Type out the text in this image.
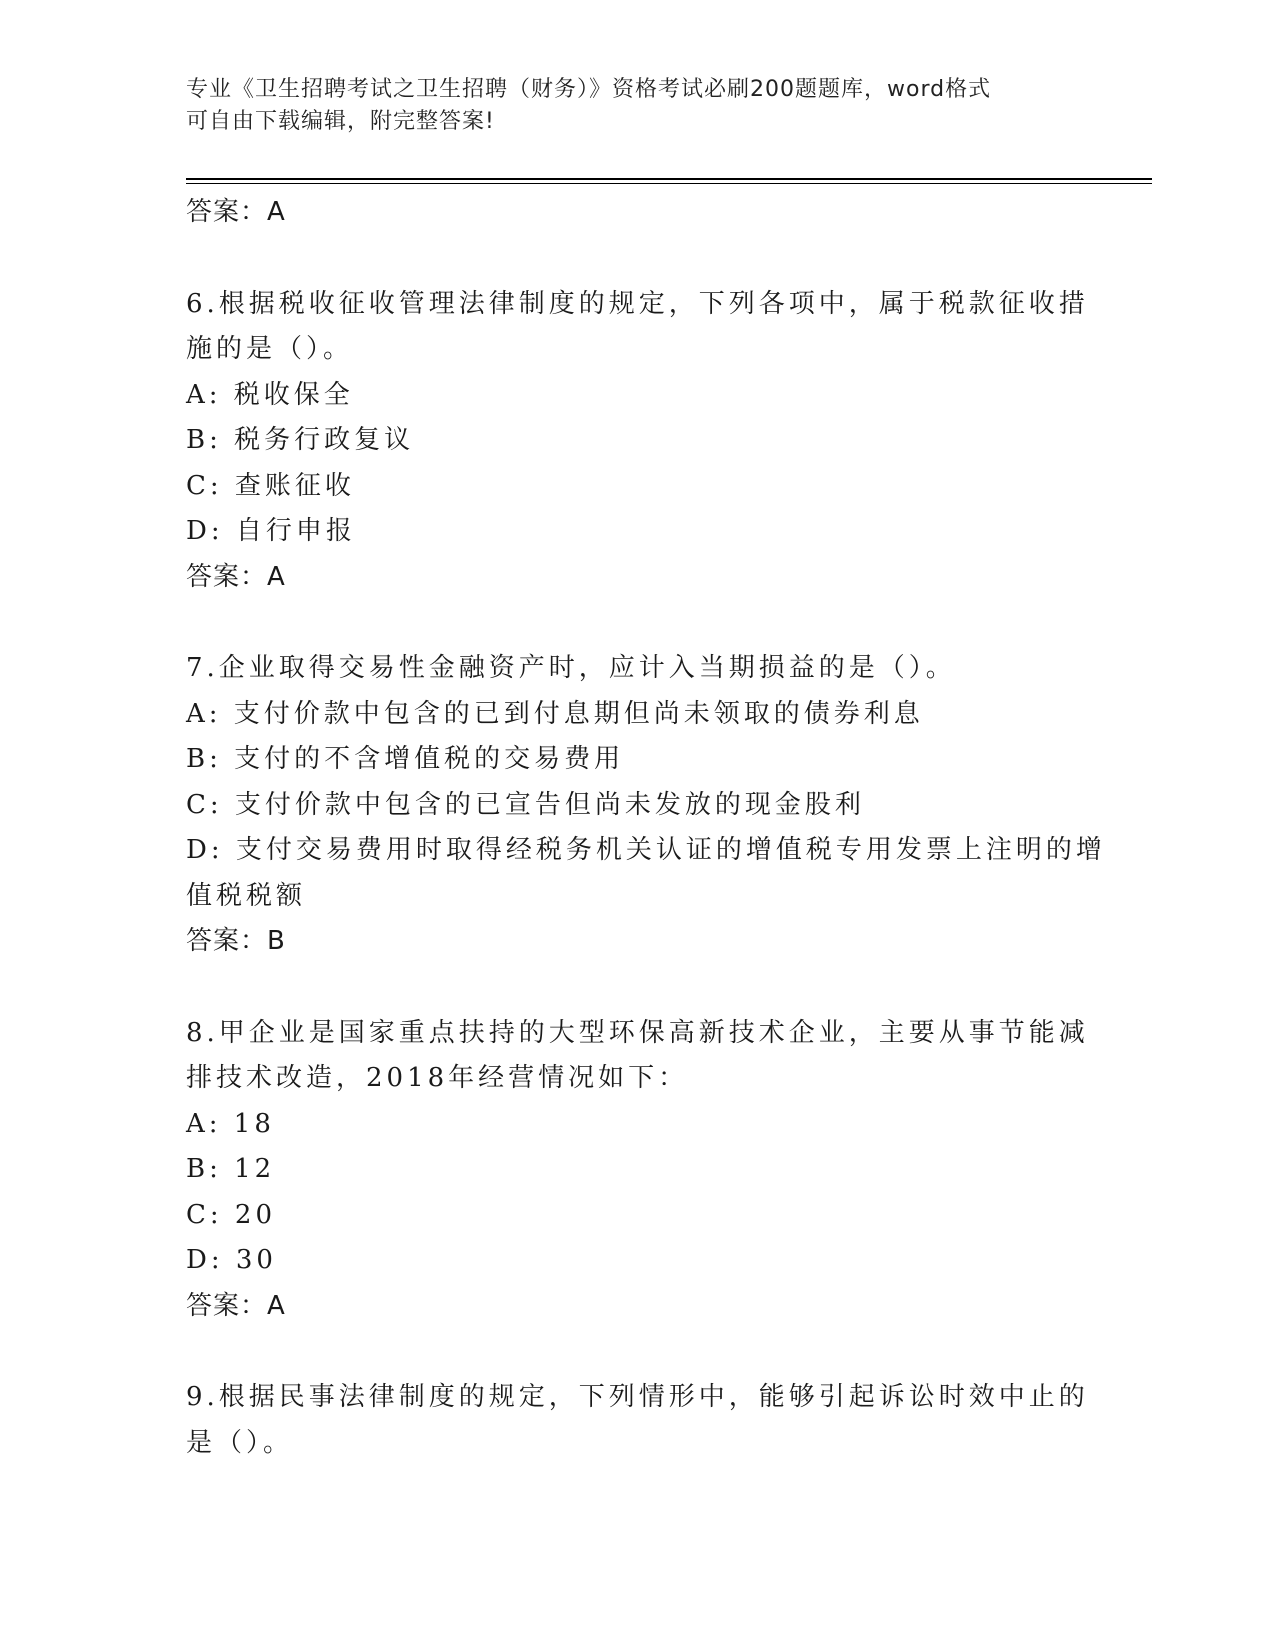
专业《卫生招聘考试之卫生招聘（财务）》资格考试必刷200题题库，word格式
可自由下载编辑，附完整答案!
答案：A
6.根据税收征收管理法律制度的规定，下列各项中，属于税款征收措
施的是（）。
A: 税收保全
B: 税务行政复议
C: 查账征收
D: 自行申报
答案：A
7.企业取得交易性金融资产时，应计入当期损益的是（）。
A: 支付价款中包含的已到付息期但尚未领取的债券利息
B: 支付的不含增值税的交易费用
C: 支付价款中包含的已宣告但尚未发放的现金股利
D: 支付交易费用时取得经税务机关认证的增值税专用发票上注明的增
值税税额
答案：B
8.甲企业是国家重点扶持的大型环保高新技术企业，主要从事节能减
排技术改造，2018年经营情况如下：
A: 18
B: 12
C: 20
D: 30
答案：A
9.根据民事法律制度的规定，下列情形中，能够引起诉讼时效中止的
是（）。
